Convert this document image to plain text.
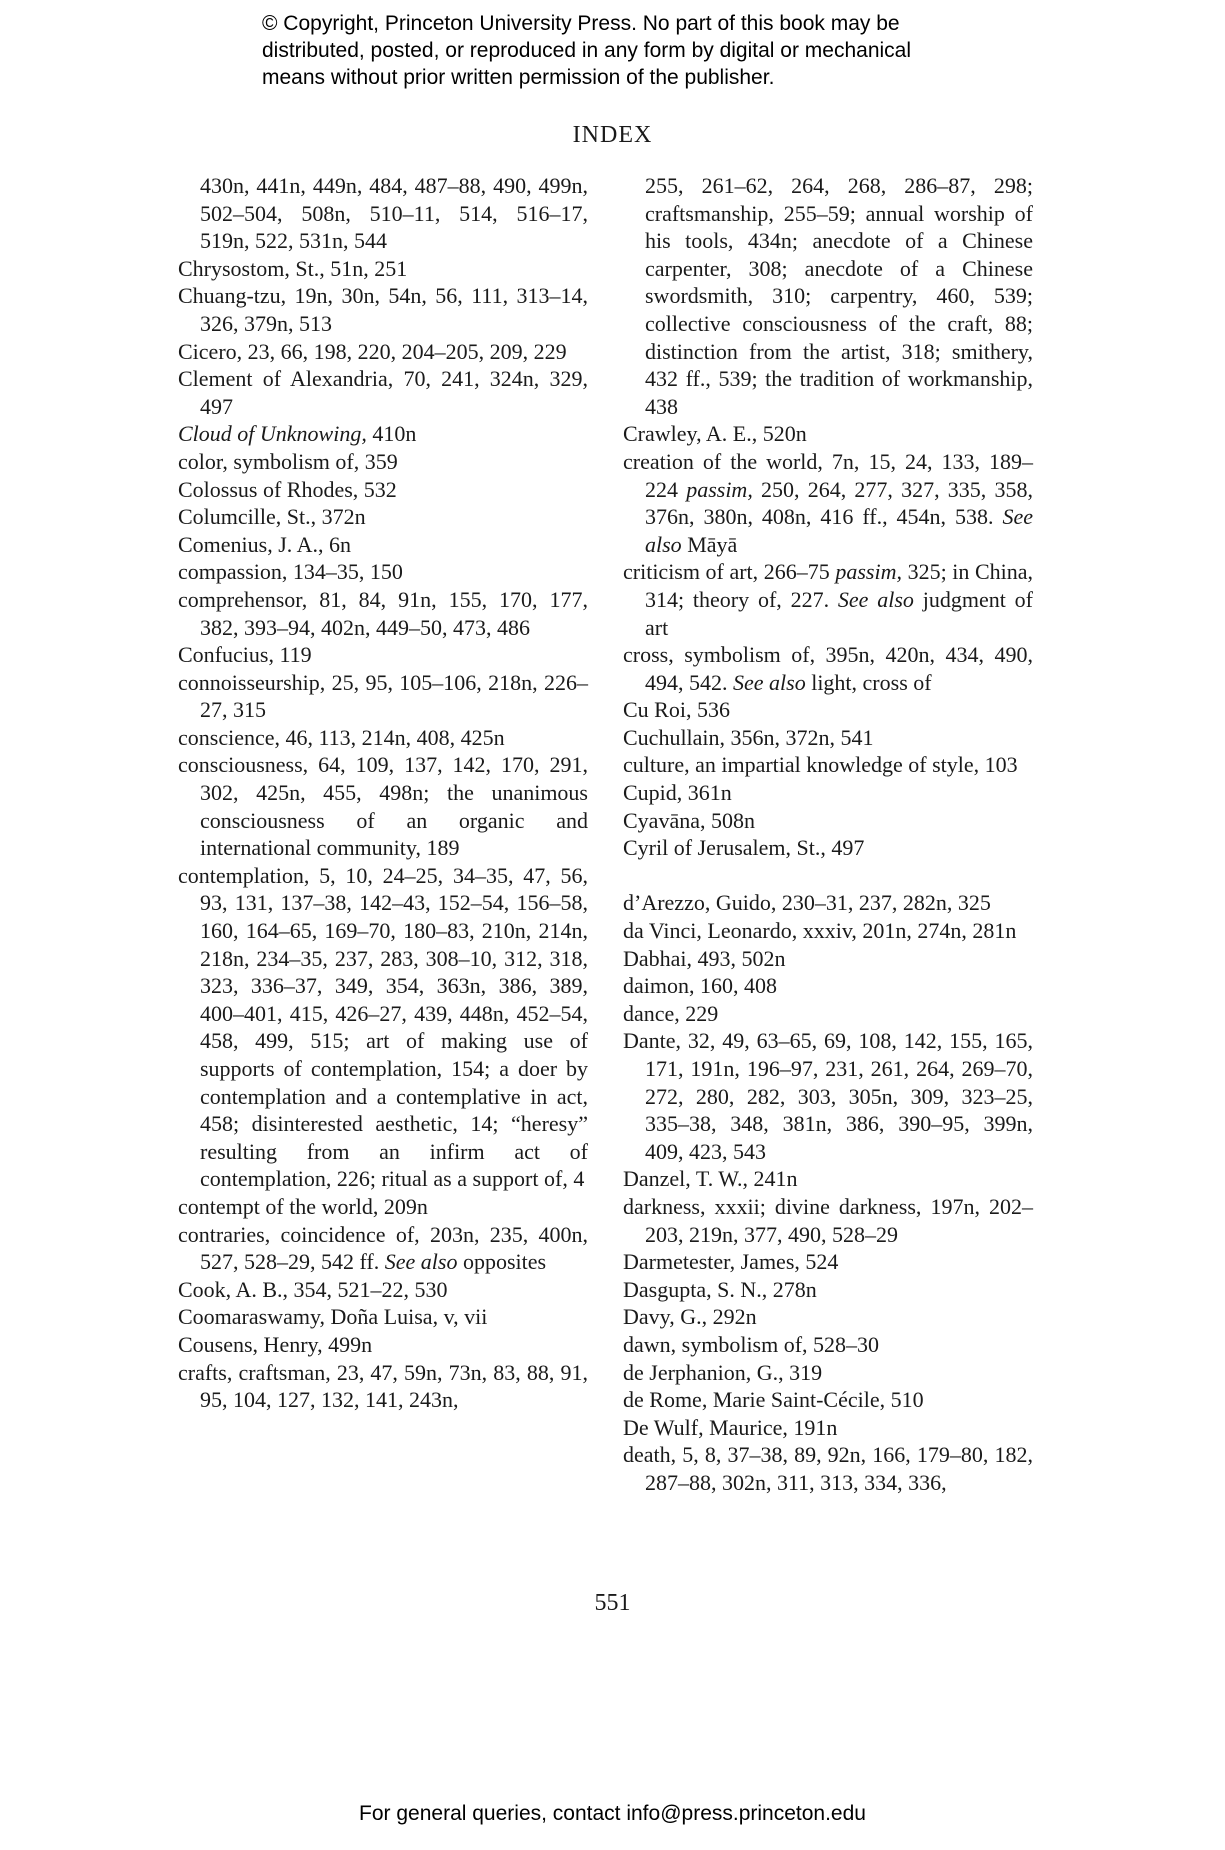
© Copyright, Princeton University Press. No part of this book may be
distributed, posted, or reproduced in any form by digital or mechanical
means without prior written permission of the publisher.
INDEX
430n, 441n, 449n, 484, 487–88, 490, 499n, 502–504, 508n, 510–11, 514, 516–17, 519n, 522, 531n, 544
Chrysostom, St., 51n, 251
Chuang-tzu, 19n, 30n, 54n, 56, 111, 313–14, 326, 379n, 513
Cicero, 23, 66, 198, 220, 204–205, 209, 229
Clement of Alexandria, 70, 241, 324n, 329, 497
Cloud of Unknowing, 410n
color, symbolism of, 359
Colossus of Rhodes, 532
Columcille, St., 372n
Comenius, J. A., 6n
compassion, 134–35, 150
comprehensor, 81, 84, 91n, 155, 170, 177, 382, 393–94, 402n, 449–50, 473, 486
Confucius, 119
connoisseurship, 25, 95, 105–106, 218n, 226–27, 315
conscience, 46, 113, 214n, 408, 425n
consciousness, 64, 109, 137, 142, 170, 291, 302, 425n, 455, 498n; the unanimous consciousness of an organic and international community, 189
contemplation, 5, 10, 24–25, 34–35, 47, 56, 93, 131, 137–38, 142–43, 152–54, 156–58, 160, 164–65, 169–70, 180–83, 210n, 214n, 218n, 234–35, 237, 283, 308–10, 312, 318, 323, 336–37, 349, 354, 363n, 386, 389, 400–401, 415, 426–27, 439, 448n, 452–54, 458, 499, 515; art of making use of supports of contemplation, 154; a doer by contemplation and a contemplative in act, 458; disinterested aesthetic, 14; “heresy” resulting from an infirm act of contemplation, 226; ritual as a support of, 4
contempt of the world, 209n
contraries, coincidence of, 203n, 235, 400n, 527, 528–29, 542 ff. See also opposites
Cook, A. B., 354, 521–22, 530
Coomaraswamy, Doña Luisa, v, vii
Cousens, Henry, 499n
crafts, craftsman, 23, 47, 59n, 73n, 83, 88, 91, 95, 104, 127, 132, 141, 243n,
255, 261–62, 264, 268, 286–87, 298; craftsmanship, 255–59; annual worship of his tools, 434n; anecdote of a Chinese carpenter, 308; anecdote of a Chinese swordsmith, 310; carpentry, 460, 539; collective consciousness of the craft, 88; distinction from the artist, 318; smithery, 432 ff., 539; the tradition of workmanship, 438
Crawley, A. E., 520n
creation of the world, 7n, 15, 24, 133, 189–224 passim, 250, 264, 277, 327, 335, 358, 376n, 380n, 408n, 416 ff., 454n, 538. See also Māyā
criticism of art, 266–75 passim, 325; in China, 314; theory of, 227. See also judgment of art
cross, symbolism of, 395n, 420n, 434, 490, 494, 542. See also light, cross of
Cu Roi, 536
Cuchullain, 356n, 372n, 541
culture, an impartial knowledge of style, 103
Cupid, 361n
Cyavāna, 508n
Cyril of Jerusalem, St., 497
d’Arezzo, Guido, 230–31, 237, 282n, 325
da Vinci, Leonardo, xxxiv, 201n, 274n, 281n
Dabhai, 493, 502n
daimon, 160, 408
dance, 229
Dante, 32, 49, 63–65, 69, 108, 142, 155, 165, 171, 191n, 196–97, 231, 261, 264, 269–70, 272, 280, 282, 303, 305n, 309, 323–25, 335–38, 348, 381n, 386, 390–95, 399n, 409, 423, 543
Danzel, T. W., 241n
darkness, xxxii; divine darkness, 197n, 202–203, 219n, 377, 490, 528–29
Darmetester, James, 524
Dasgupta, S. N., 278n
Davy, G., 292n
dawn, symbolism of, 528–30
de Jerphanion, G., 319
de Rome, Marie Saint-Cécile, 510
De Wulf, Maurice, 191n
death, 5, 8, 37–38, 89, 92n, 166, 179–80, 182, 287–88, 302n, 311, 313, 334, 336,
551
For general queries, contact info@press.princeton.edu
